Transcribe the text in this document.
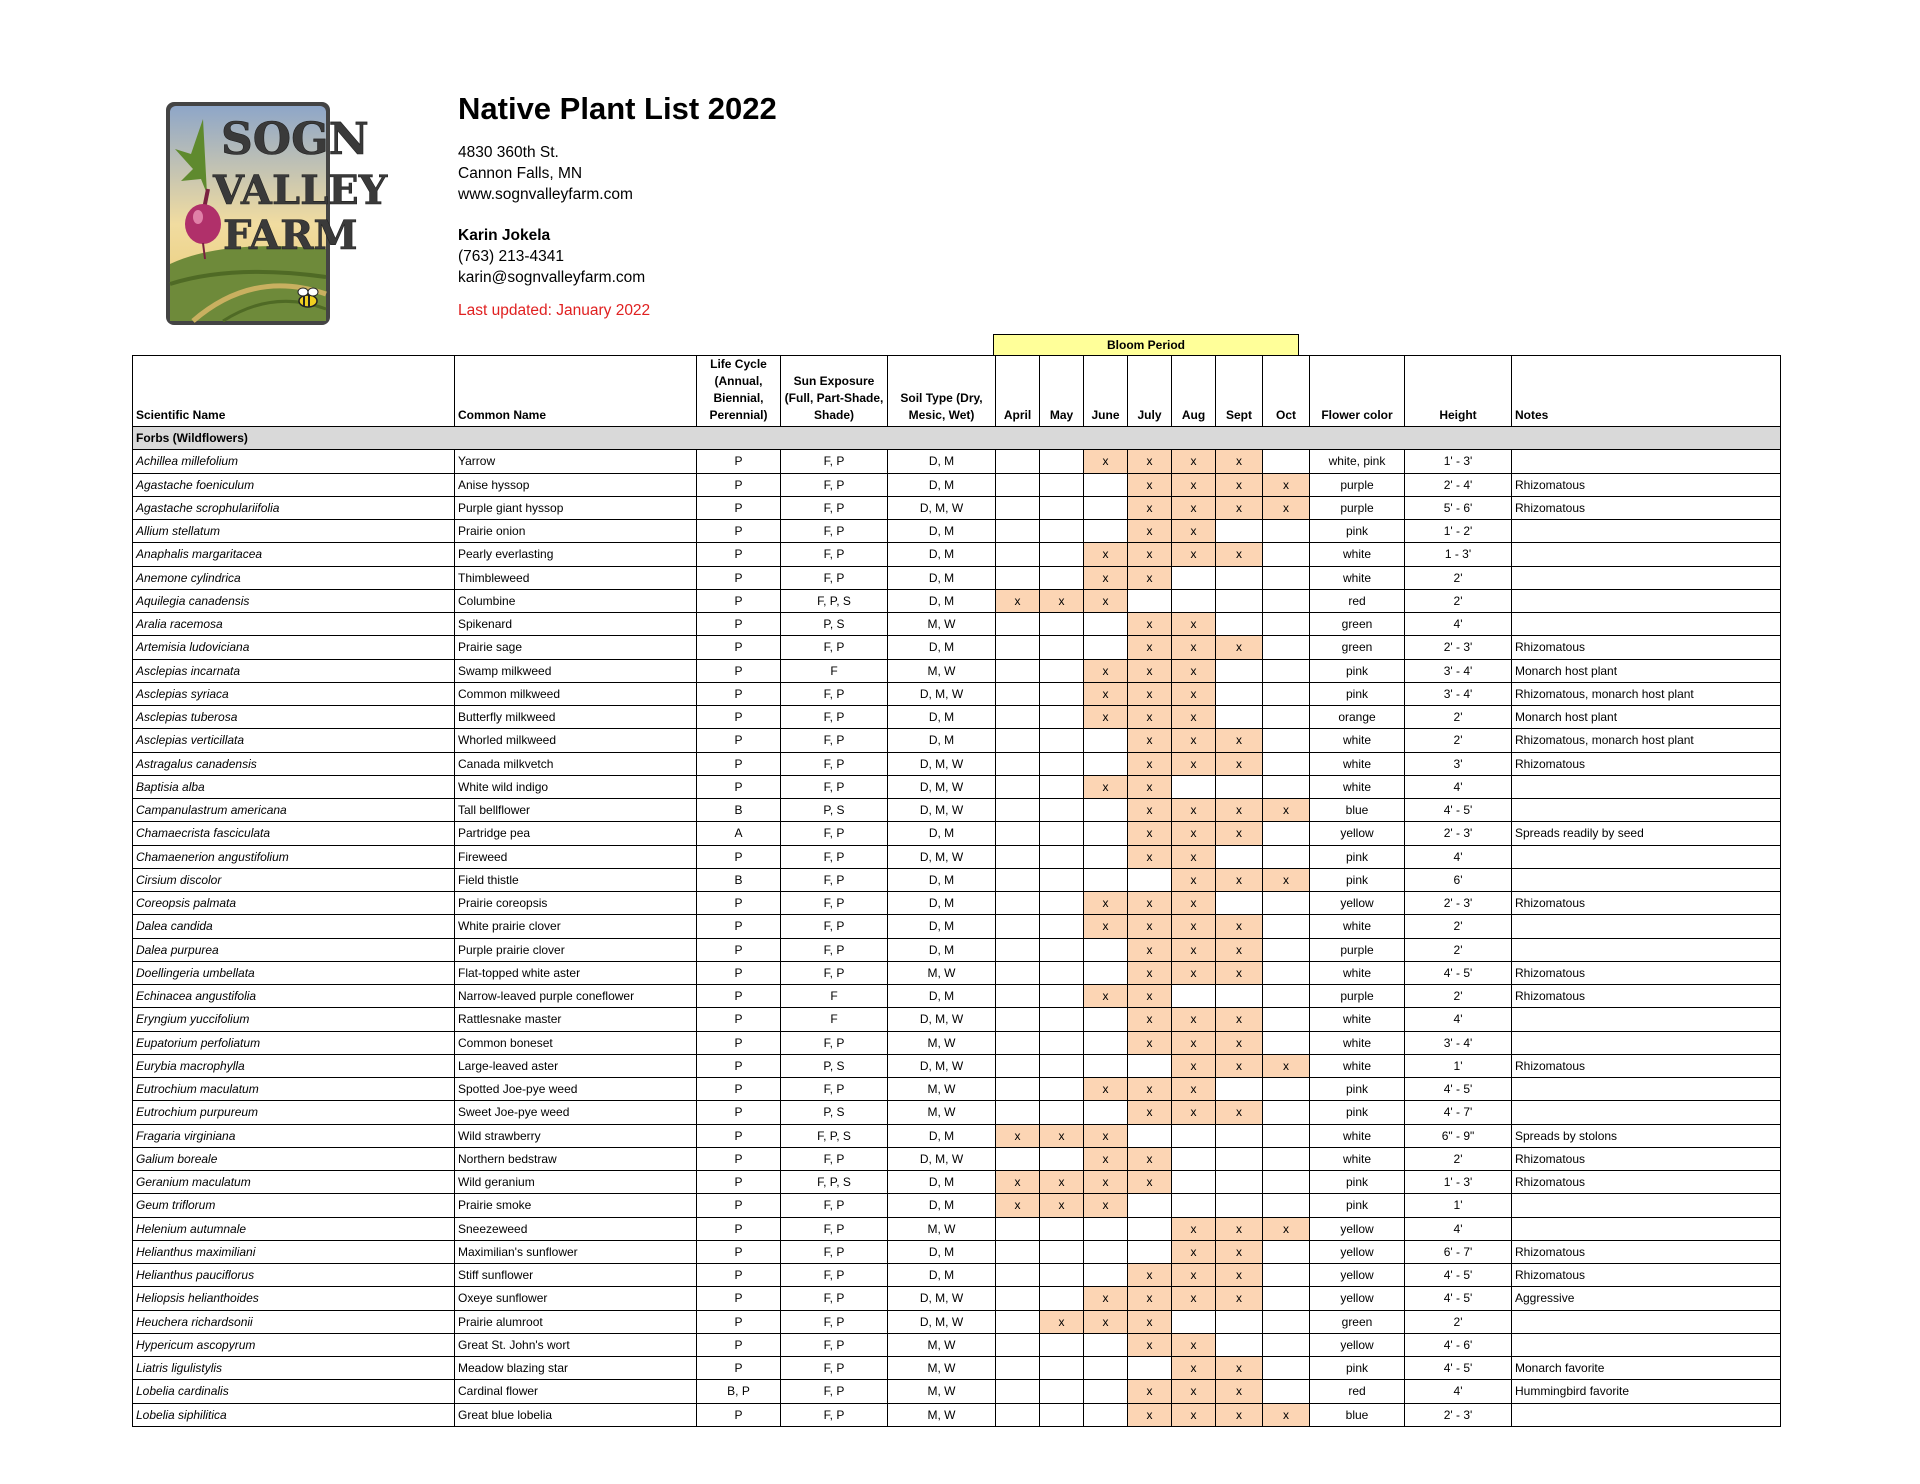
SOGN
VALLEY
FARM
Native Plant List 2022
4830 360th St.
Cannon Falls, MN
www.sognvalleyfarm.com
Karin Jokela
(763) 213-4341
karin@sognvalleyfarm.com
Last updated: January 2022
Bloom Period
Scientific Name	Common Name	Life Cycle (Annual, Biennial, Perennial)	Sun Exposure (Full, Part-Shade, Shade)	Soil Type (Dry, Mesic, Wet)	April	May	June	July	Aug	Sept	Oct	Flower color	Height	Notes
Forbs (Wildflowers)														
Achillea millefolium	Yarrow	P	F, P	D, M			x	x	x	x		white, pink	1' - 3'	
Agastache foeniculum	Anise hyssop	P	F, P	D, M				x	x	x	x	purple	2' - 4'	Rhizomatous
Agastache scrophulariifolia	Purple giant hyssop	P	F, P	D, M, W				x	x	x	x	purple	5' - 6'	Rhizomatous
Allium stellatum	Prairie onion	P	F, P	D, M				x	x			pink	1' - 2'	
Anaphalis margaritacea	Pearly everlasting	P	F, P	D, M			x	x	x	x		white	1 - 3'	
Anemone cylindrica	Thimbleweed	P	F, P	D, M			x	x				white	2'	
Aquilegia canadensis	Columbine	P	F, P, S	D, M	x	x	x					red	2'	
Aralia racemosa	Spikenard	P	P, S	M, W				x	x			green	4'	
Artemisia ludoviciana	Prairie sage	P	F, P	D, M				x	x	x		green	2' - 3'	Rhizomatous
Asclepias incarnata	Swamp milkweed	P	F	M, W			x	x	x			pink	3' - 4'	Monarch host plant
Asclepias syriaca	Common milkweed	P	F, P	D, M, W			x	x	x			pink	3' - 4'	Rhizomatous, monarch host plant
Asclepias tuberosa	Butterfly milkweed	P	F, P	D, M			x	x	x			orange	2'	Monarch host plant
Asclepias verticillata	Whorled milkweed	P	F, P	D, M				x	x	x		white	2'	Rhizomatous, monarch host plant
Astragalus canadensis	Canada milkvetch	P	F, P	D, M, W				x	x	x		white	3'	Rhizomatous
Baptisia alba	White wild indigo	P	F, P	D, M, W			x	x				white	4'	
Campanulastrum americana	Tall bellflower	B	P, S	D, M, W				x	x	x	x	blue	4' - 5'	
Chamaecrista fasciculata	Partridge pea	A	F, P	D, M				x	x	x		yellow	2' - 3'	Spreads readily by seed
Chamaenerion angustifolium	Fireweed	P	F, P	D, M, W				x	x			pink	4'	
Cirsium discolor	Field thistle	B	F, P	D, M					x	x	x	pink	6'	
Coreopsis palmata	Prairie coreopsis	P	F, P	D, M			x	x	x			yellow	2' - 3'	Rhizomatous
Dalea candida	White prairie clover	P	F, P	D, M			x	x	x	x		white	2'	
Dalea purpurea	Purple prairie clover	P	F, P	D, M				x	x	x		purple	2'	
Doellingeria umbellata	Flat-topped white aster	P	F, P	M, W				x	x	x		white	4' - 5'	Rhizomatous
Echinacea angustifolia	Narrow-leaved purple coneflower	P	F	D, M			x	x				purple	2'	Rhizomatous
Eryngium yuccifolium	Rattlesnake master	P	F	D, M, W				x	x	x		white	4'	
Eupatorium perfoliatum	Common boneset	P	F, P	M, W				x	x	x		white	3' - 4'	
Eurybia macrophylla	Large-leaved aster	P	P, S	D, M, W					x	x	x	white	1'	Rhizomatous
Eutrochium maculatum	Spotted Joe-pye weed	P	F, P	M, W			x	x	x			pink	4' - 5'	
Eutrochium purpureum	Sweet Joe-pye weed	P	P, S	M, W				x	x	x		pink	4' - 7'	
Fragaria virginiana	Wild strawberry	P	F, P, S	D, M	x	x	x					white	6" - 9"	Spreads by stolons
Galium boreale	Northern bedstraw	P	F, P	D, M, W			x	x				white	2'	Rhizomatous
Geranium maculatum	Wild geranium	P	F, P, S	D, M	x	x	x	x				pink	1' - 3'	Rhizomatous
Geum triflorum	Prairie smoke	P	F, P	D, M	x	x	x					pink	1'	
Helenium autumnale	Sneezeweed	P	F, P	M, W					x	x	x	yellow	4'	
Helianthus maximiliani	Maximilian's sunflower	P	F, P	D, M					x	x		yellow	6' - 7'	Rhizomatous
Helianthus pauciflorus	Stiff sunflower	P	F, P	D, M				x	x	x		yellow	4' - 5'	Rhizomatous
Heliopsis helianthoides	Oxeye sunflower	P	F, P	D, M, W			x	x	x	x		yellow	4' - 5'	Aggressive
Heuchera richardsonii	Prairie alumroot	P	F, P	D, M, W		x	x	x				green	2'	
Hypericum ascopyrum	Great St. John's wort	P	F, P	M, W				x	x			yellow	4' - 6'	
Liatris ligulistylis	Meadow blazing star	P	F, P	M, W					x	x		pink	4' - 5'	Monarch favorite
Lobelia cardinalis	Cardinal flower	B, P	F, P	M, W				x	x	x		red	4'	Hummingbird favorite
Lobelia siphilitica	Great blue lobelia	P	F, P	M, W				x	x	x	x	blue	2' - 3'	
